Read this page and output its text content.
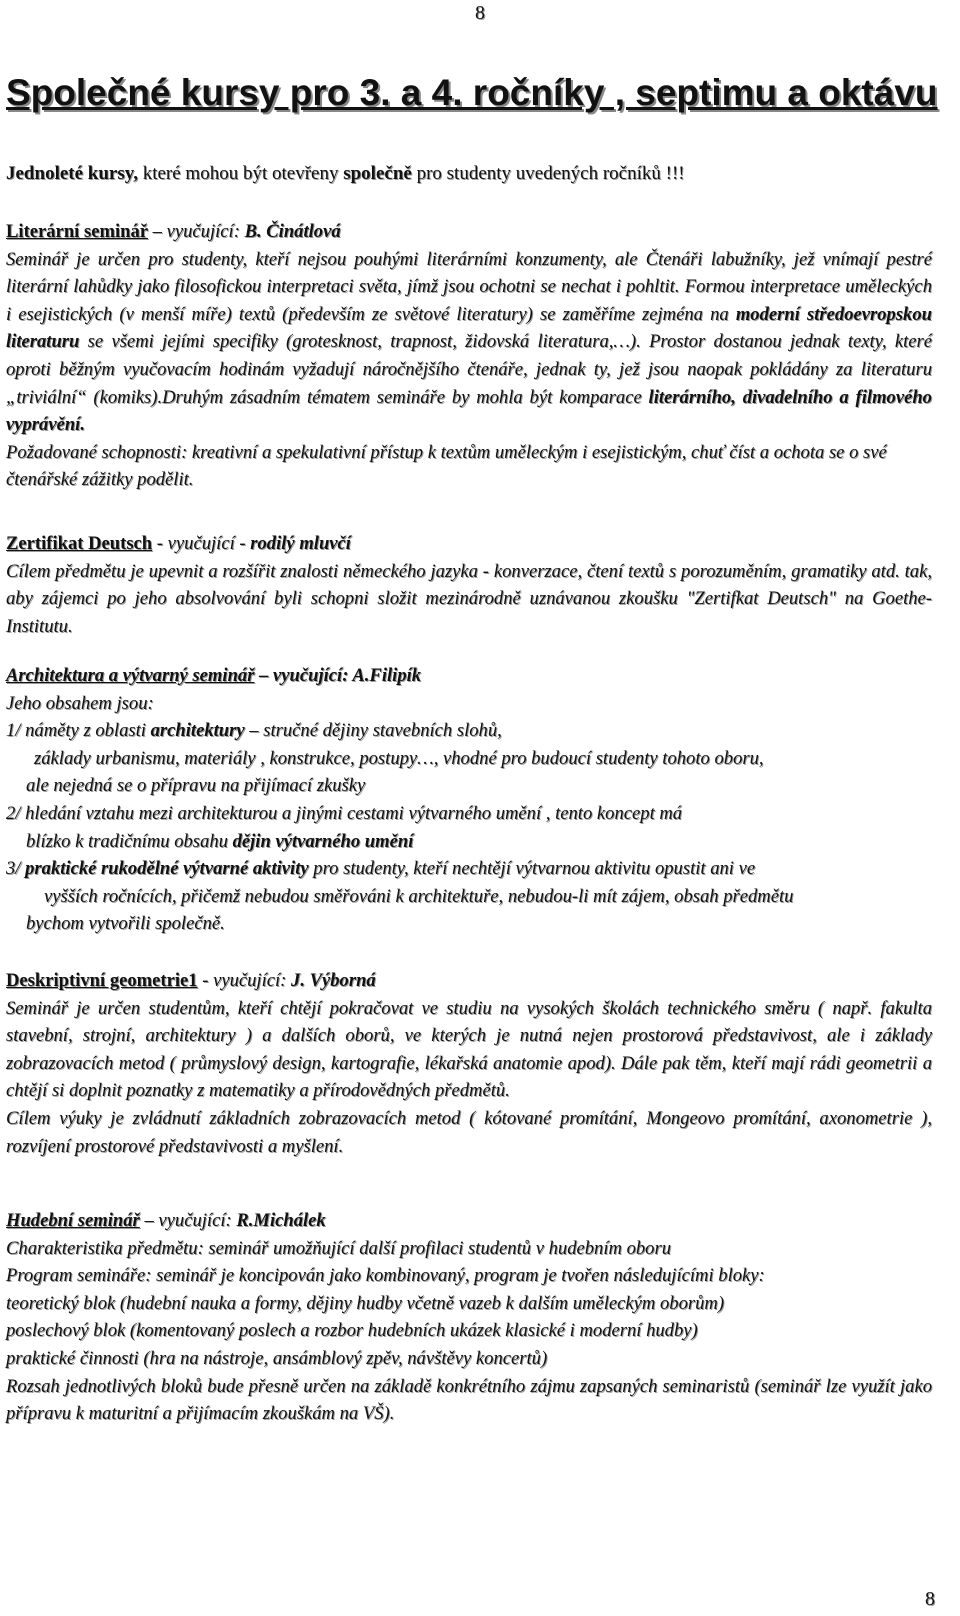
8
Společné kursy pro 3. a 4. ročníky , septimu a oktávu
Jednoleté kursy, které mohou být otevřeny společně pro studenty uvedených ročníků !!!

Literární seminář – vyučující: B. Činátlová

Seminář je určen pro studenty, kteří nejsou pouhými literárními konzumenty, ale Čtenáři labužníky, jež vnímají pestré literární lahůdky jako filosofickou interpretaci světa, jímž jsou ochotni se nechat i pohltit. Formou interpretace uměleckých i esejistických (v menší míře) textů (především ze světové literatury) se zaměříme zejména na moderní středoevropskou literaturu se všemi jejími specifiky (grotesknost, trapnost, židovská literatura,…). Prostor dostanou jednak texty, které oproti běžným vyučovacím hodinám vyžadují náročnějšího čtenáře, jednak ty, jež jsou naopak pokládány za literaturu „triviální“ (komiks).Druhým zásadním tématem semináře by mohla být komparace literárního, divadelního a filmového vyprávění.

Požadované schopnosti: kreativní a spekulativní přístup k textům uměleckým i esejistickým, chuť číst a ochota se o své čtenářské zážitky podělit.

Zertifikat Deutsch - vyučující - rodilý mluvčí

Cílem předmětu je upevnit a rozšířit znalosti německého jazyka - konverzace, čtení textů s porozuměním, gramatiky atd. tak, aby zájemci po jeho absolvování byli schopni složit mezinárodně uznávanou zkoušku "Zertifkat Deutsch" na Goethe-Institutu.

Architektura a výtvarný seminář – vyučující: A.Filipík

Jeho obsahem jsou:

1/ náměty z oblasti architektury – stručné dějiny stavebních slohů,

základy urbanismu, materiály , konstrukce, postupy…, vhodné pro budoucí studenty tohoto oboru,

ale nejedná se o přípravu na přijímací zkušky

2/ hledání vztahu mezi architekturou a jinými cestami výtvarného umění , tento koncept má

blízko k tradičnímu obsahu dějin výtvarného umění

3/ praktické rukodělné výtvarné aktivity pro studenty, kteří nechtějí výtvarnou aktivitu opustit ani ve

vyšších ročnících, přičemž nebudou směřováni k architektuře, nebudou-li mít zájem, obsah předmětu

bychom vytvořili společně.

Deskriptivní geometrie1 - vyučující: J. Výborná

Seminář je určen studentům, kteří chtějí pokračovat ve studiu na vysokých školách technického směru ( např. fakulta stavební, strojní, architektury ) a dalších oborů, ve kterých je nutná nejen prostorová představivost, ale i základy zobrazovacích metod ( průmyslový design, kartografie, lékařská anatomie apod). Dále pak těm, kteří mají rádi geometrii a chtějí si doplnit poznatky z matematiky a přírodovědných předmětů.

Cílem výuky je zvládnutí základních zobrazovacích metod ( kótované promítání, Mongeovo promítání, axonometrie ), rozvíjení prostorové představivosti a myšlení.

Hudební seminář – vyučující: R.Michálek

Charakteristika předmětu: seminář umožňující další profilaci studentů v hudebním oboru

Program semináře: seminář je koncipován jako kombinovaný, program je tvořen následujícími bloky:

teoretický blok (hudební nauka a formy, dějiny hudby včetně vazeb k dalším uměleckým oborům)

poslechový blok (komentovaný poslech a rozbor hudebních ukázek klasické i moderní hudby)

praktické činnosti (hra na nástroje, ansámblový zpěv, návštěvy koncertů)

Rozsah jednotlivých bloků bude přesně určen na základě konkrétního zájmu zapsaných seminaristů (seminář lze využít jako přípravu k maturitní a přijímacím zkouškám na VŠ).

8
